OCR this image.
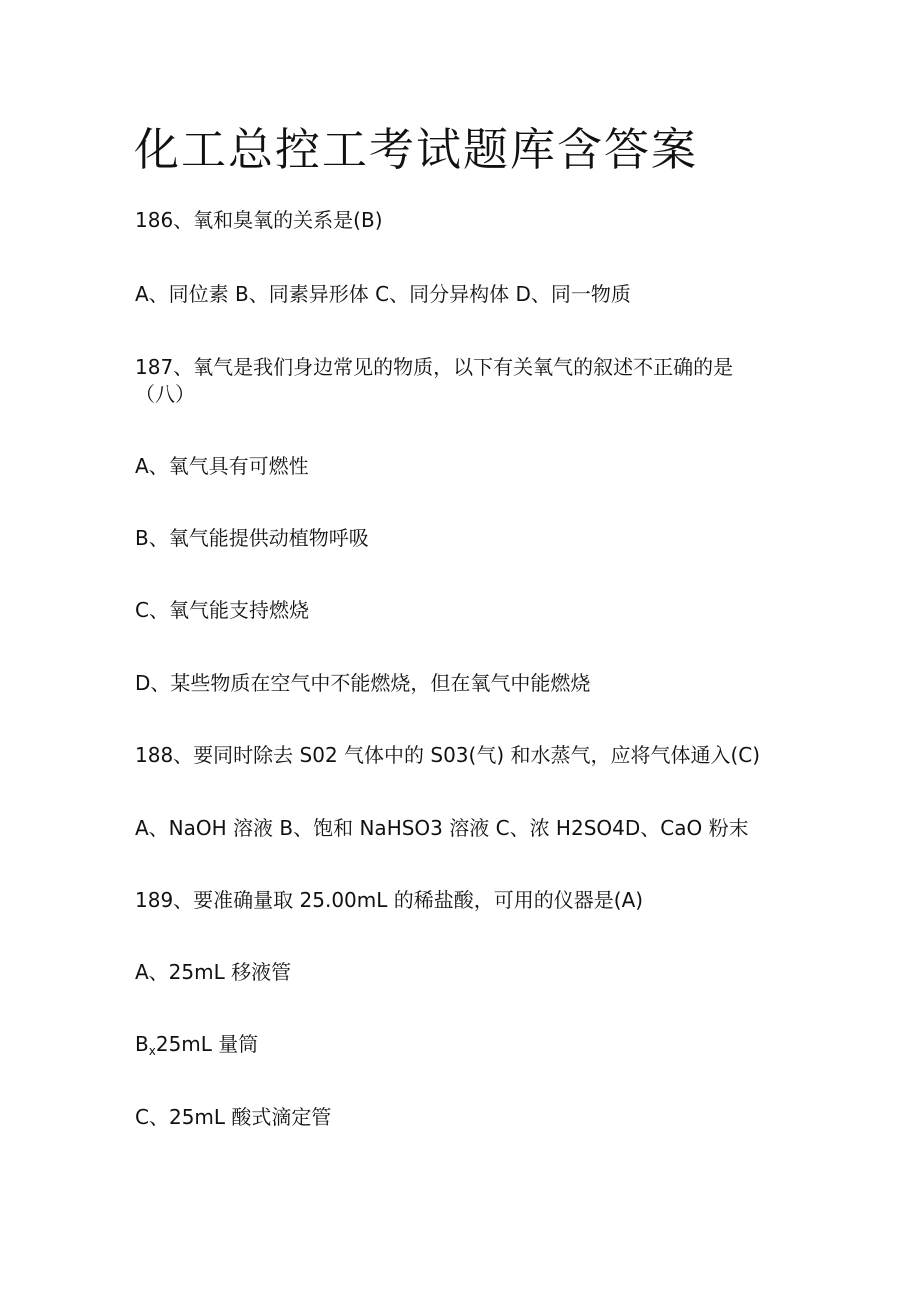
化工总控工考试题库含答案

186、氧和臭氧的关系是(B)

A、同位素 B、同素异形体 C、同分异构体 D、同一物质

187、氧气是我们身边常见的物质，以下有关氧气的叙述不正确的是

（八）

A、氧气具有可燃性

B、氧气能提供动植物呼吸

C、氧气能支持燃烧

D、某些物质在空气中不能燃烧，但在氧气中能燃烧

188、要同时除去 S02 气体中的 S03(气) 和水蒸气，应将气体通入(C)

A、NaOH 溶液 B、饱和 NaHSO3 溶液 C、浓 H2SO4D、CaO 粉末

189、要准确量取 25.00mL 的稀盐酸，可用的仪器是(A)

A、25mL 移液管

$B_x25mL$ 量筒

C、25mL 酸式滴定管
